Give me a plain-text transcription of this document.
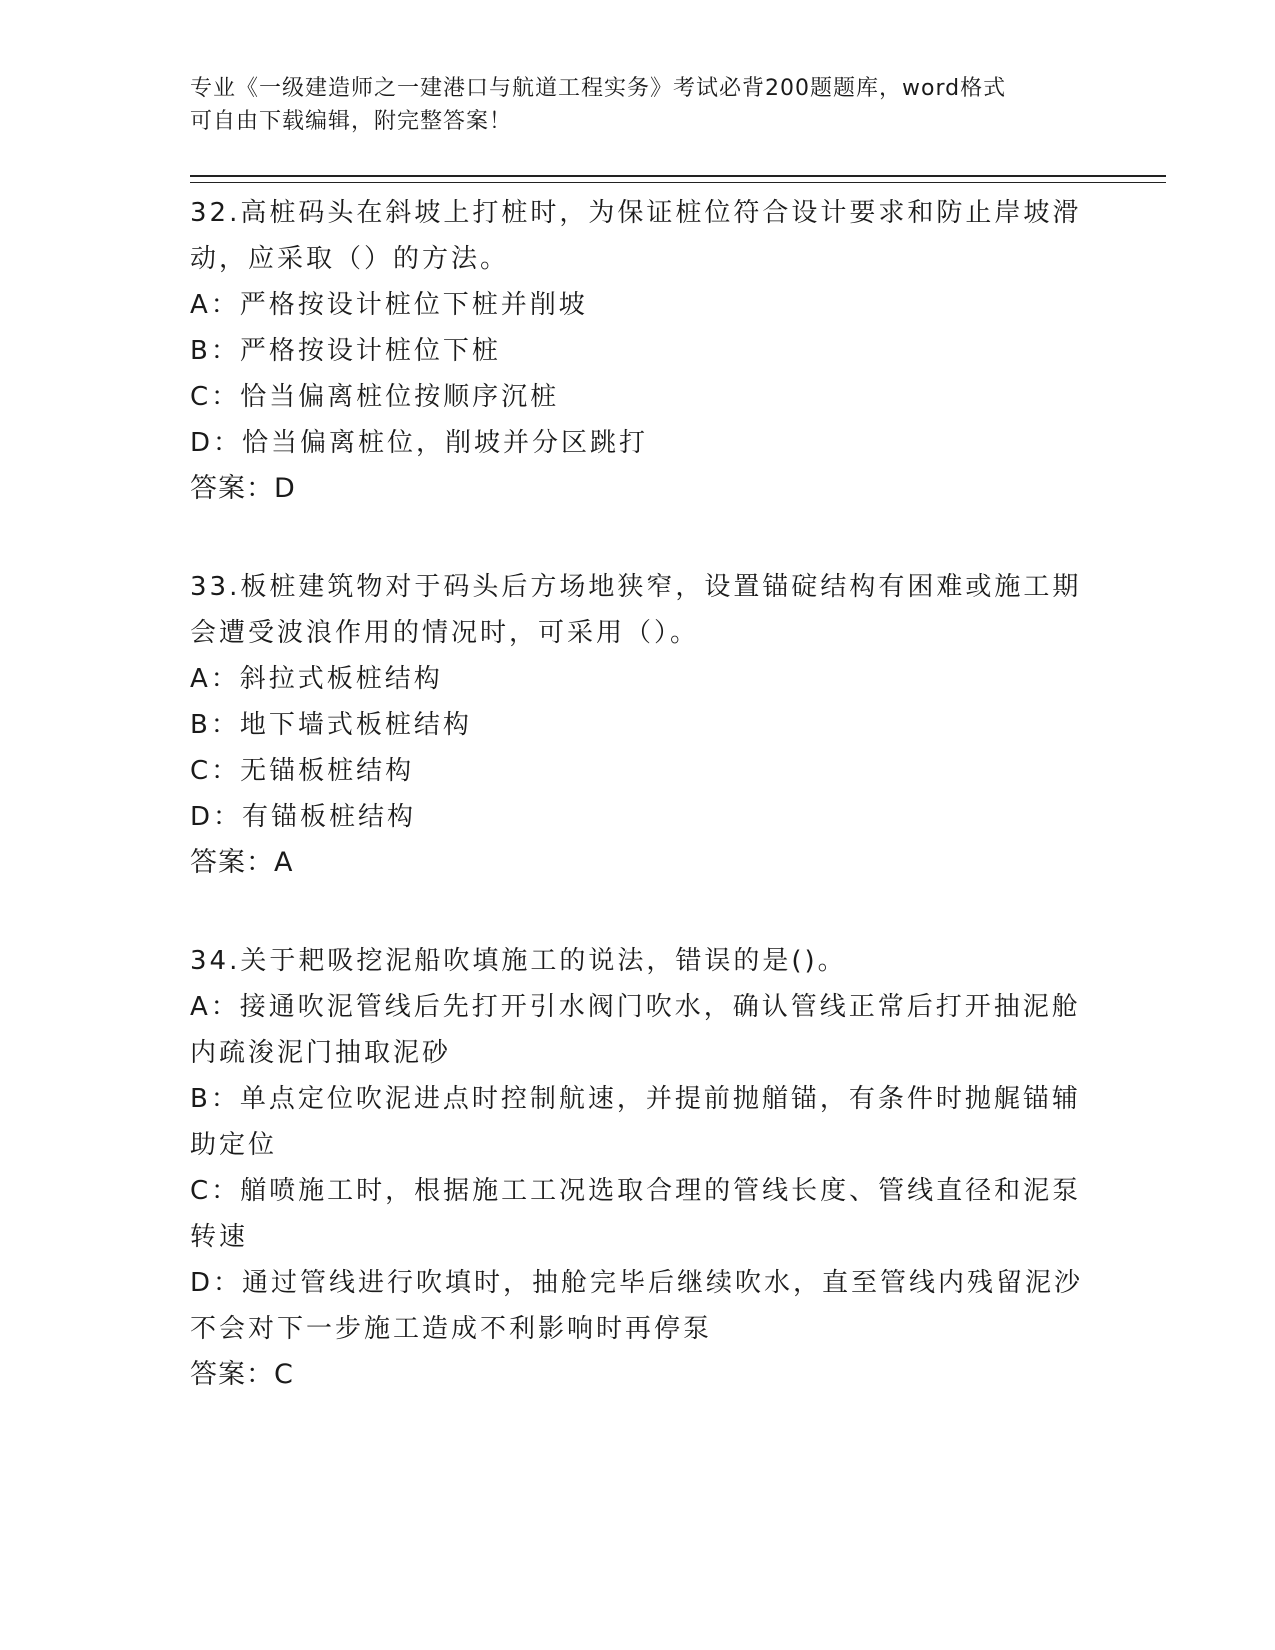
专业《一级建造师之一建港口与航道工程实务》考试必背200题题库，word格式
可自由下载编辑，附完整答案！
32.高桩码头在斜坡上打桩时，为保证桩位符合设计要求和防止岸坡滑动，应采取（）的方法。
A：严格按设计桩位下桩并削坡
B：严格按设计桩位下桩
C：恰当偏离桩位按顺序沉桩
D：恰当偏离桩位，削坡并分区跳打
答案：D
33.板桩建筑物对于码头后方场地狭窄，设置锚碇结构有困难或施工期会遭受波浪作用的情况时，可采用（）。
A：斜拉式板桩结构
B：地下墙式板桩结构
C：无锚板桩结构
D：有锚板桩结构
答案：A
34.关于耙吸挖泥船吹填施工的说法，错误的是()。
A：接通吹泥管线后先打开引水阀门吹水，确认管线正常后打开抽泥舱内疏浚泥门抽取泥砂
B：单点定位吹泥进点时控制航速，并提前抛艏锚，有条件时抛艉锚辅助定位
C：艏喷施工时，根据施工工况选取合理的管线长度、管线直径和泥泵转速
D：通过管线进行吹填时，抽舱完毕后继续吹水，直至管线内残留泥沙不会对下一步施工造成不利影响时再停泵
答案：C
